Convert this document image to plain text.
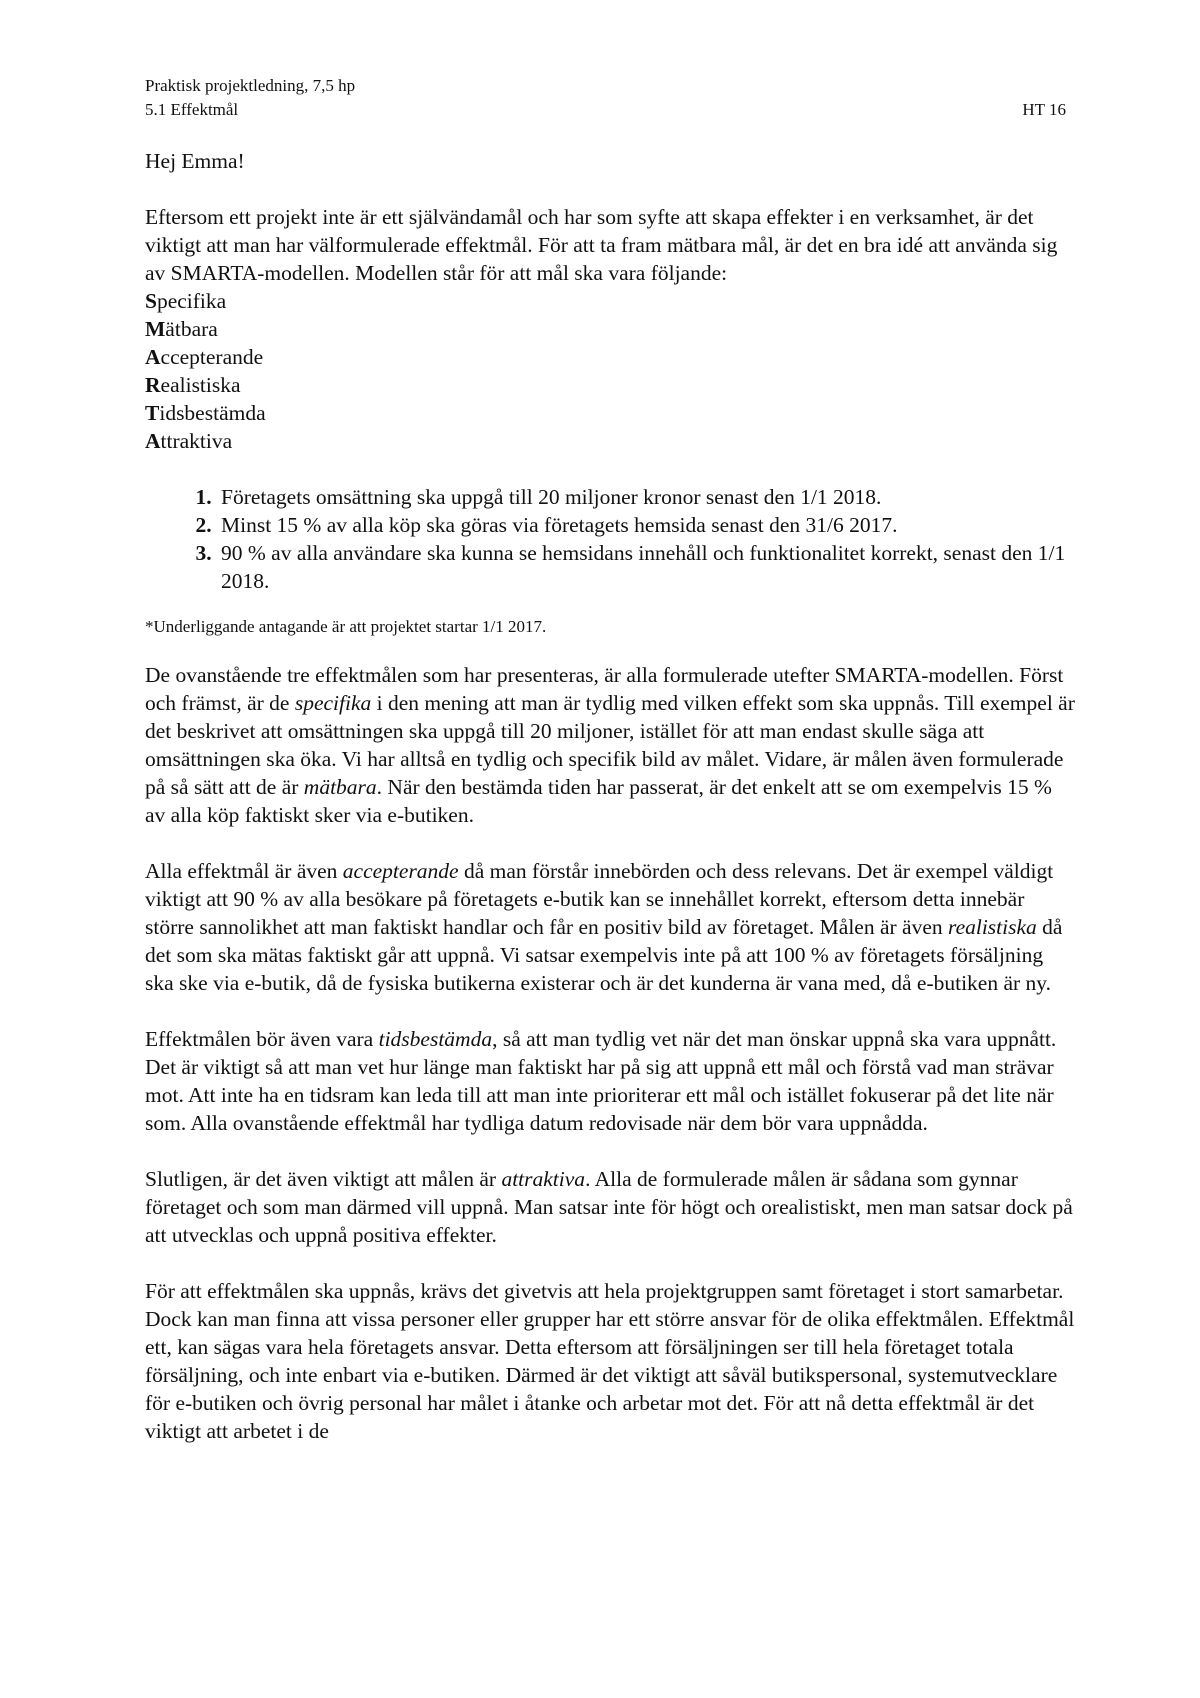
Praktisk projektledning, 7,5 hp
5.1 Effektmål	HT 16

Hej Emma!

Eftersom ett projekt inte är ett självändamål och har som syfte att skapa effekter i en verksamhet, är det viktigt att man har välformulerade effektmål. För att ta fram mätbara mål, är det en bra idé att använda sig av SMARTA-modellen. Modellen står för att mål ska vara följande:

Specifika
Mätbara
Accepterande
Realistiska
Tidsbestämda
Attraktiva
1. Företagets omsättning ska uppgå till 20 miljoner kronor senast den 1/1 2018.
2. Minst 15 % av alla köp ska göras via företagets hemsida senast den 31/6 2017.
3. 90 % av alla användare ska kunna se hemsidans innehåll och funktionalitet korrekt, senast den 1/1 2018.

*Underliggande antagande är att projektet startar 1/1 2017.

De ovanstående tre effektmålen som har presenteras, är alla formulerade utefter SMARTA-modellen. Först och främst, är de specifika i den mening att man är tydlig med vilken effekt som ska uppnås. Till exempel är det beskrivet att omsättningen ska uppgå till 20 miljoner, istället för att man endast skulle säga att omsättningen ska öka. Vi har alltså en tydlig och specifik bild av målet. Vidare, är målen även formulerade på så sätt att de är mätbara. När den bestämda tiden har passerat, är det enkelt att se om exempelvis 15 % av alla köp faktiskt sker via e-butiken.

Alla effektmål är även accepterande då man förstår innebörden och dess relevans. Det är exempel väldigt viktigt att 90 % av alla besökare på företagets e-butik kan se innehållet korrekt, eftersom detta innebär större sannolikhet att man faktiskt handlar och får en positiv bild av företaget. Målen är även realistiska då det som ska mätas faktiskt går att uppnå. Vi satsar exempelvis inte på att 100 % av företagets försäljning ska ske via e-butik, då de fysiska butikerna existerar och är det kunderna är vana med, då e-butiken är ny.

Effektmålen bör även vara tidsbestämda, så att man tydlig vet när det man önskar uppnå ska vara uppnått. Det är viktigt så att man vet hur länge man faktiskt har på sig att uppnå ett mål och förstå vad man strävar mot. Att inte ha en tidsram kan leda till att man inte prioriterar ett mål och istället fokuserar på det lite när som. Alla ovanstående effektmål har tydliga datum redovisade när dem bör vara uppnådda.

Slutligen, är det även viktigt att målen är attraktiva. Alla de formulerade målen är sådana som gynnar företaget och som man därmed vill uppnå. Man satsar inte för högt och orealistiskt, men man satsar dock på att utvecklas och uppnå positiva effekter.

För att effektmålen ska uppnås, krävs det givetvis att hela projektgruppen samt företaget i stort samarbetar. Dock kan man finna att vissa personer eller grupper har ett större ansvar för de olika effektmålen. Effektmål ett, kan sägas vara hela företagets ansvar. Detta eftersom att försäljningen ser till hela företaget totala försäljning, och inte enbart via e-butiken. Därmed är det viktigt att såväl butikspersonal, systemutvecklare för e-butiken och övrig personal har målet i åtanke och arbetar mot det. För att nå detta effektmål är det viktigt att arbetet i de
